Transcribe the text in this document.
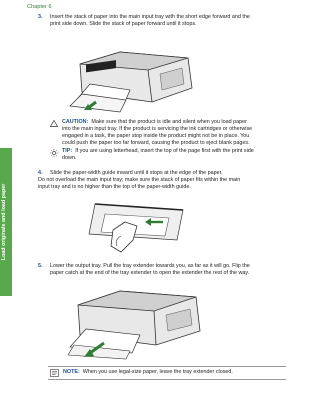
Chapter 6
Load originals and load paper
3. Insert the stack of paper into the main input tray with the short edge forward and the
print side down. Slide the stack of paper forward until it stops.
CAUTION: Make sure that the product is idle and silent when you load paper
into the main input tray. If the product is servicing the ink cartridges or otherwise
engaged in a task, the paper stop inside the product might not be in place. You
could push the paper too far forward, causing the product to eject blank pages.
TIP: If you are using letterhead, insert the top of the page first with the print side
down.
4. Slide the paper-width guide inward until it stops at the edge of the paper.
Do not overload the main input tray; make sure the stack of paper fits within the main
input tray and is no higher than the top of the paper-width guide.
5. Lower the output tray. Pull the tray extender towards you, as far as it will go. Flip the
paper catch at the end of the tray extender to open the extender the rest of the way.
NOTE: When you use legal-size paper, leave the tray extender closed.
